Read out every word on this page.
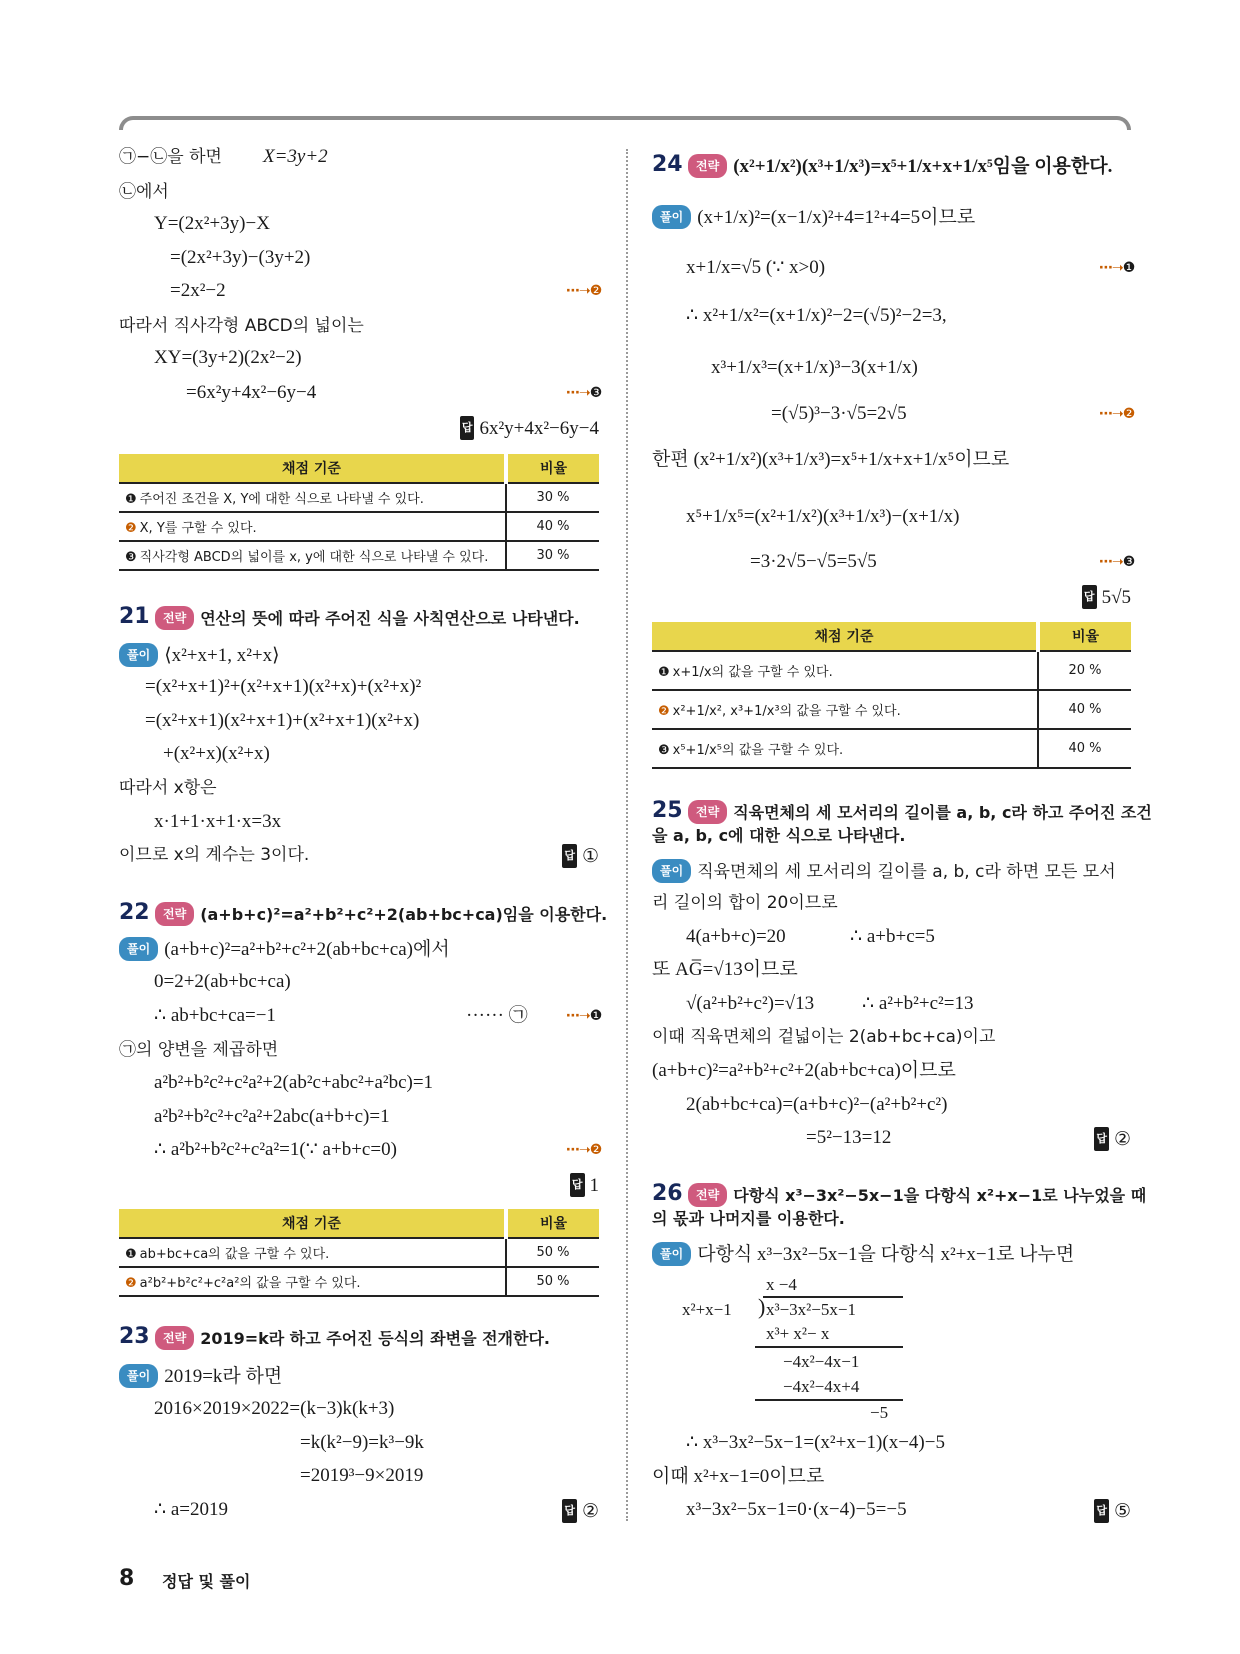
㉠−㉡을 하면 X=3y+2
㉡에서
Y=(2x²+3y)−X
=(2x²+3y)−(3y+2)
=2x²−2	⋯➝❷
따라서 직사각형 ABCD의 넓이는
XY=(3y+2)(2x²−2)
=6x²y+4x²−6y−4	⋯➝❸
답 6x²y+4x²−6y−4
채점 기준	비율
❶ 주어진 조건을 X, Y에 대한 식으로 나타낼 수 있다.	30 %
❷ X, Y를 구할 수 있다.	40 %
❸ 직사각형 ABCD의 넓이를 x, y에 대한 식으로 나타낼 수 있다.	30 %
21	전략 연산의 뜻에 따라 주어진 식을 사칙연산으로 나타낸다.
풀이 ⟨x²+x+1, x²+x⟩
=(x²+x+1)²+(x²+x+1)(x²+x)+(x²+x)²
=(x²+x+1)(x²+x+1)+(x²+x+1)(x²+x)
+(x²+x)(x²+x)
따라서 x항은
x·1+1·x+1·x=3x
이므로 x의 계수는 3이다.	답 ①
22	전략 (a+b+c)²=a²+b²+c²+2(ab+bc+ca)임을 이용한다.
풀이 (a+b+c)²=a²+b²+c²+2(ab+bc+ca)에서
0=2+2(ab+bc+ca)
∴ ab+bc+ca=−1	······ ㉠	⋯➝❶
㉠의 양변을 제곱하면
a²b²+b²c²+c²a²+2(ab²c+abc²+a²bc)=1
a²b²+b²c²+c²a²+2abc(a+b+c)=1
∴ a²b²+b²c²+c²a²=1(∵ a+b+c=0)	⋯➝❷
답 1
채점 기준	비율
❶ ab+bc+ca의 값을 구할 수 있다.	50 %
❷ a²b²+b²c²+c²a²의 값을 구할 수 있다.	50 %
23	전략 2019=k라 하고 주어진 등식의 좌변을 전개한다.
풀이 2019=k라 하면
2016×2019×2022=(k−3)k(k+3)
=k(k²−9)=k³−9k
=2019³−9×2019
∴ a=2019	답 ②
24	전략 (x²+1/x²)(x³+1/x³)=x⁵+1/x+x+1/x⁵임을 이용한다.
풀이 (x+1/x)²=(x−1/x)²+4=1²+4=5이므로
x+1/x=√5 (∵ x>0)	⋯➝❶
∴ x²+1/x²=(x+1/x)²−2=(√5)²−2=3,
x³+1/x³=(x+1/x)³−3(x+1/x)
=(√5)³−3·√5=2√5	⋯➝❷
한편 (x²+1/x²)(x³+1/x³)=x⁵+1/x+x+1/x⁵이므로
x⁵+1/x⁵=(x²+1/x²)(x³+1/x³)−(x+1/x)
=3·2√5−√5=5√5	⋯➝❸
답 5√5
채점 기준	비율
❶ x+1/x의 값을 구할 수 있다.	20 %
❷ x²+1/x², x³+1/x³의 값을 구할 수 있다.	40 %
❸ x⁵+1/x⁵의 값을 구할 수 있다.	40 %
25	전략 직육면체의 세 모서리의 길이를 a, b, c라 하고 주어진 조건
을 a, b, c에 대한 식으로 나타낸다.
풀이 직육면체의 세 모서리의 길이를 a, b, c라 하면 모든 모서
리 길이의 합이 20이므로
4(a+b+c)=20	∴ a+b+c=5
또 AG̅=√13이므로
√(a²+b²+c²)=√13	∴ a²+b²+c²=13
이때 직육면체의 겉넓이는 2(ab+bc+ca)이고
(a+b+c)²=a²+b²+c²+2(ab+bc+ca)이므로
2(ab+bc+ca)=(a+b+c)²−(a²+b²+c²)
=5²−13=12	답 ②
26	전략 다항식 x³−3x²−5x−1을 다항식 x²+x−1로 나누었을 때
의 몫과 나머지를 이용한다.
풀이 다항식 x³−3x²−5x−1을 다항식 x²+x−1로 나누면
x −4
x²+x−1 ) x³−3x²−5x−1
x³+ x²− x
−4x²−4x−1
−4x²−4x+4
−5
∴ x³−3x²−5x−1=(x²+x−1)(x−4)−5
이때 x²+x−1=0이므로
x³−3x²−5x−1=0·(x−4)−5=−5	답 ⑤
8 정답 및 풀이
